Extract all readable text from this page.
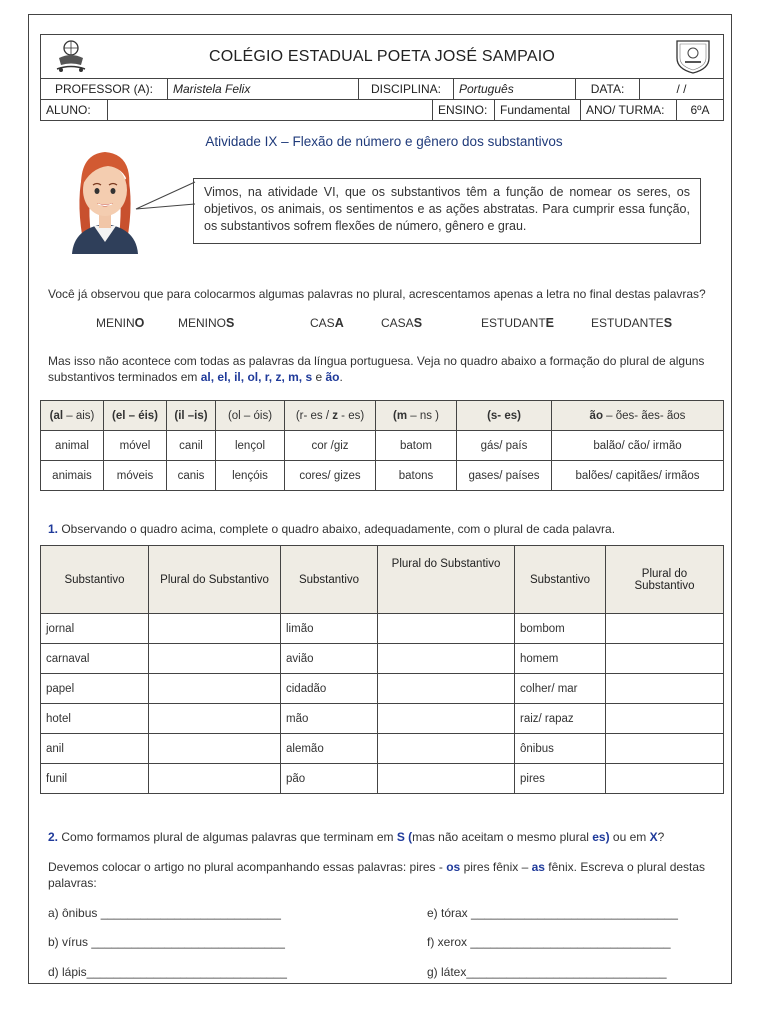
COLÉGIO ESTADUAL POETA JOSÉ SAMPAIO
PROFESSOR (A):	Maristela Felix	DISCIPLINA:	Português	DATA:	/ /
ALUNO:	ENSINO:	Fundamental	ANO/ TURMA:	6ºA
Atividade IX – Flexão de número e gênero dos substantivos
Vimos, na atividade VI, que os substantivos têm a função de nomear os seres, os objetivos, os animais, os sentimentos e as ações abstratas. Para cumprir essa função, os substantivos sofrem flexões de número, gênero e grau.
Você já observou que para colocarmos algumas palavras no plural, acrescentamos apenas a letra no final destas palavras?
MENINO	MENINOS	CASA	CASAS	ESTUDANTE	ESTUDANTES
Mas isso não acontece com todas as palavras da língua portuguesa. Veja no quadro abaixo a formação do plural de alguns
substantivos terminados em al, el, il, ol, r, z, m, s e ão.
(al – ais)	(el – éis)	(il –is)	(ol – óis)	(r- es / z - es)	(m – ns )	(s- es)	ão – ões- ães- ãos
animal	móvel	canil	lençol	cor /giz	batom	gás/ país	balão/ cão/ irmão
animais	móveis	canis	lençóis	cores/ gizes	batons	gases/ países	balões/ capitães/ irmãos
1. Observando o quadro acima, complete o quadro abaixo, adequadamente, com o plural de cada palavra.
Substantivo	Plural do Substantivo	Substantivo	Plural do Substantivo	Substantivo	Plural do Substantivo
jornal		limão		bombom	
carnaval		avião		homem	
papel		cidadão		colher/ mar	
hotel		mão		raiz/ rapaz	
anil		alemão		ônibus	
funil		pão		pires	
2. Como formamos plural de algumas palavras que terminam em S (mas não aceitam o mesmo plural es) ou em X?
Devemos colocar o artigo no plural acompanhando essas palavras: pires - os pires fênix – as fênix. Escreva o plural destas
palavras:
a) ônibus ___________________________
b) vírus _____________________________
d) lápis______________________________
e) tórax _______________________________
f) xerox ______________________________
g) látex______________________________
